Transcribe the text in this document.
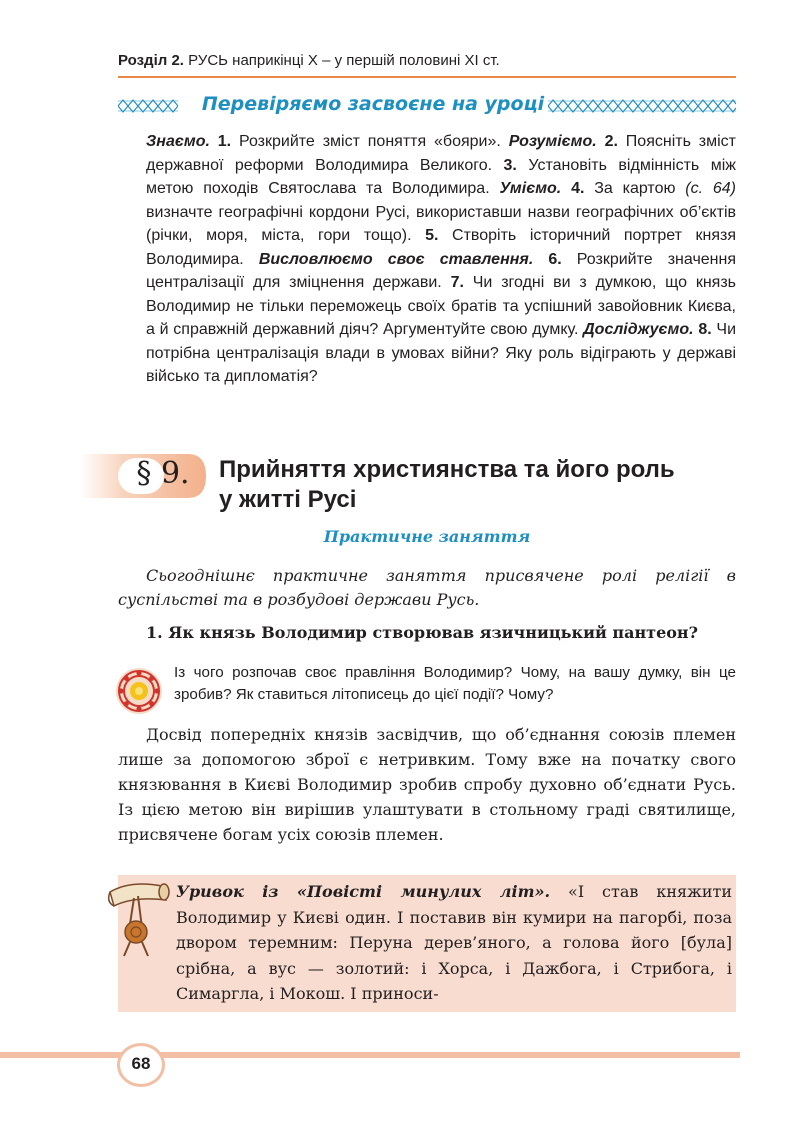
Розділ 2. РУСЬ наприкінці Х – у першій половині ХІ ст.
Перевіряємо засвоєне на уроці
Знаємо. 1. Розкрийте зміст поняття «бояри». Розуміємо. 2. Поясніть зміст державної реформи Володимира Великого. 3. Установіть відмінність між метою походів Святослава та Володимира. Уміємо. 4. За картою (с. 64) визначте географічні кордони Русі, використавши назви географічних об’єктів (річки, моря, міста, гори тощо). 5. Створіть історичний портрет князя Володимира. Висловлюємо своє ставлення. 6. Розкрийте значення централізації для зміцнення держави. 7. Чи згодні ви з думкою, що князь Володимир не тільки переможець своїх братів та успішний завойовник Києва, а й справжній державний діяч? Аргументуйте свою думку. Досліджуємо. 8. Чи потрібна централізація влади в умовах війни? Яку роль відіграють у державі військо та дипломатія?
§ 9.	Прийняття християнства та його роль
у житті Русі
Практичне заняття
Сьогоднішнє практичне заняття присвячене ролі релігії в суспільстві та в розбудові держави Русь.
1. Як князь Володимир створював язичницький пантеон?
Із чого розпочав своє правління Володимир? Чому, на вашу думку, він це зробив? Як ставиться літописець до цієї події? Чому?
Досвід попередніх князів засвідчив, що об’єднання союзів племен лише за допомогою зброї є нетривким. Тому вже на початку свого князювання в Києві Володимир зробив спробу духовно об’єднати Русь. Із цією метою він вирішив улаштувати в стольному граді святилище, присвячене богам усіх союзів племен.
Уривок із «Повісті минулих літ». «І став княжити Володимир у Києві один. І поставив він кумири на пагорбі, поза двором теремним: Перуна дерев’яного, а голова його [була] срібна, а вус — золотий: і Хорса, і Дажбога, і Стрибога, і Симаргла, і Мокош. І приноси-
68
